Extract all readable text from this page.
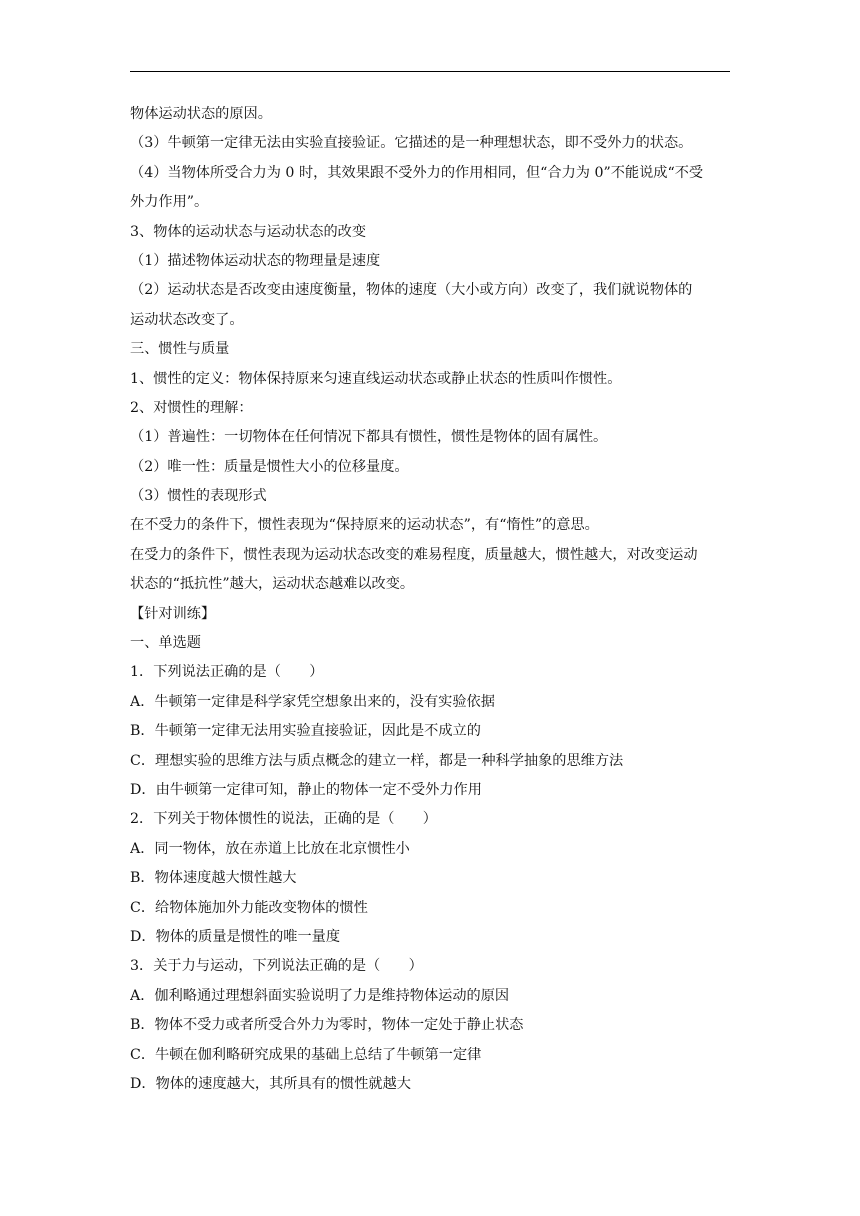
物体运动状态的原因。
（3）牛顿第一定律无法由实验直接验证。它描述的是一种理想状态，即不受外力的状态。
（4）当物体所受合力为 0 时，其效果跟不受外力的作用相同，但“合力为 0”不能说成“不受
外力作用”。
3、物体的运动状态与运动状态的改变
（1）描述物体运动状态的物理量是速度
（2）运动状态是否改变由速度衡量，物体的速度（大小或方向）改变了，我们就说物体的
运动状态改变了。
三、惯性与质量
1、惯性的定义：物体保持原来匀速直线运动状态或静止状态的性质叫作惯性。
2、对惯性的理解：
（1）普遍性：一切物体在任何情况下都具有惯性，惯性是物体的固有属性。
（2）唯一性：质量是惯性大小的位移量度。
（3）惯性的表现形式
在不受力的条件下，惯性表现为“保持原来的运动状态”，有“惰性”的意思。
在受力的条件下，惯性表现为运动状态改变的难易程度，质量越大，惯性越大，对改变运动
状态的“抵抗性”越大，运动状态越难以改变。
【针对训练】
一、单选题
1．下列说法正确的是（　　）
A．牛顿第一定律是科学家凭空想象出来的，没有实验依据
B．牛顿第一定律无法用实验直接验证，因此是不成立的
C．理想实验的思维方法与质点概念的建立一样，都是一种科学抽象的思维方法
D．由牛顿第一定律可知，静止的物体一定不受外力作用
2．下列关于物体惯性的说法，正确的是（　　）
A．同一物体，放在赤道上比放在北京惯性小
B．物体速度越大惯性越大
C．给物体施加外力能改变物体的惯性
D．物体的质量是惯性的唯一量度
3．关于力与运动，下列说法正确的是（　　）
A．伽利略通过理想斜面实验说明了力是维持物体运动的原因
B．物体不受力或者所受合外力为零时，物体一定处于静止状态
C．牛顿在伽利略研究成果的基础上总结了牛顿第一定律
D．物体的速度越大，其所具有的惯性就越大
